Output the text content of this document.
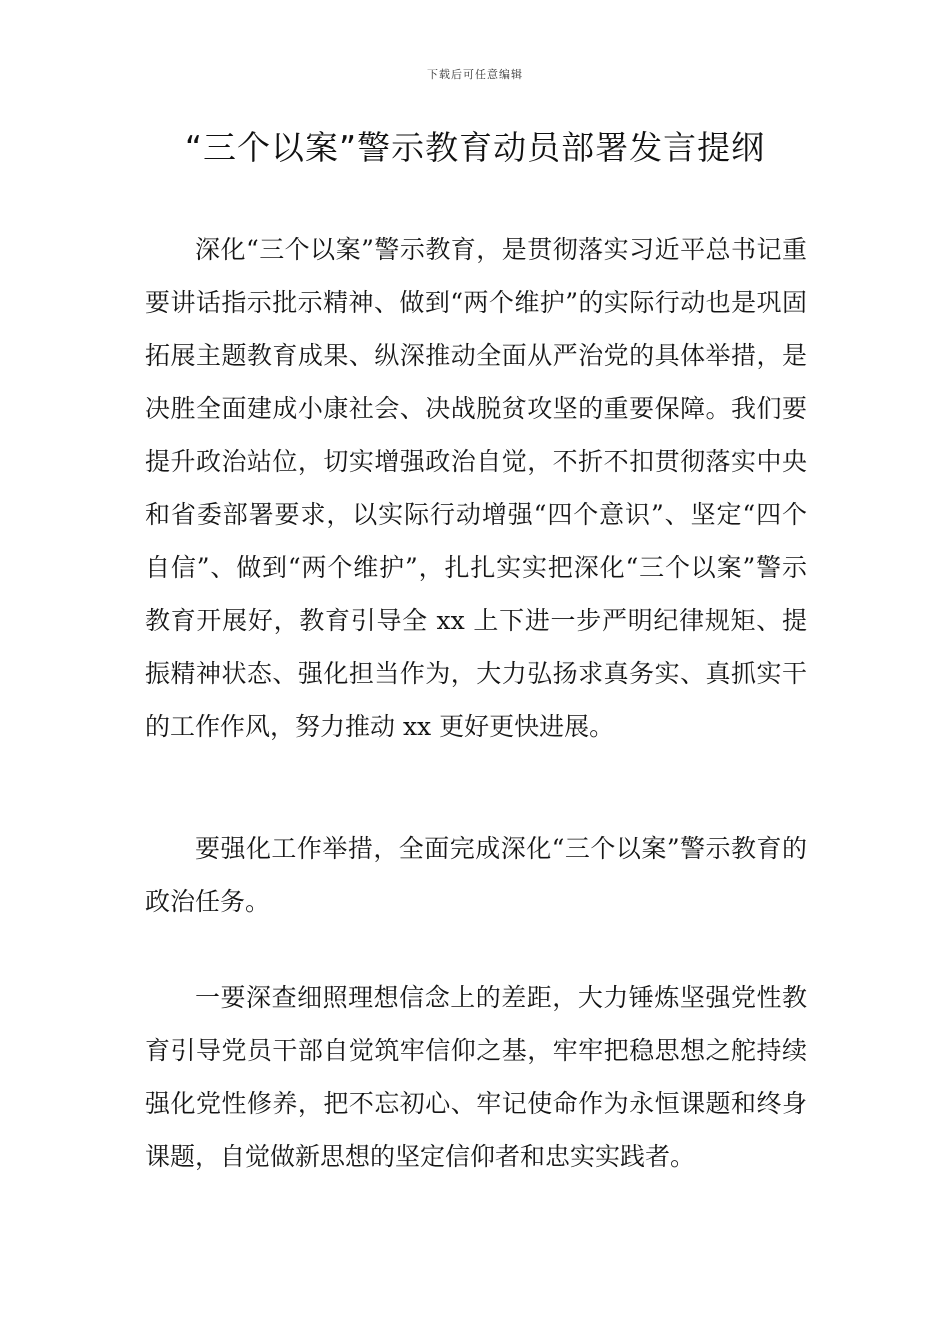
下载后可任意编辑
“三个以案”警示教育动员部署发言提纲

深化“三个以案”警示教育，是贯彻落实习近平总书记重要讲话指示批示精神、做到“两个维护”的实际行动也是巩固拓展主题教育成果、纵深推动全面从严治党的具体举措，是决胜全面建成小康社会、决战脱贫攻坚的重要保障。我们要提升政治站位，切实增强政治自觉，不折不扣贯彻落实中央和省委部署要求，以实际行动增强“四个意识”、坚定“四个自信”、做到“两个维护”，扎扎实实把深化“三个以案”警示教育开展好，教育引导全 xx 上下进一步严明纪律规矩、提振精神状态、强化担当作为，大力弘扬求真务实、真抓实干的工作作风，努力推动 xx 更好更快进展。

要强化工作举措，全面完成深化“三个以案”警示教育的政治任务。

一要深查细照理想信念上的差距，大力锤炼坚强党性教育引导党员干部自觉筑牢信仰之基，牢牢把稳思想之舵持续强化党性修养，把不忘初心、牢记使命作为永恒课题和终身课题，自觉做新思想的坚定信仰者和忠实实践者。
